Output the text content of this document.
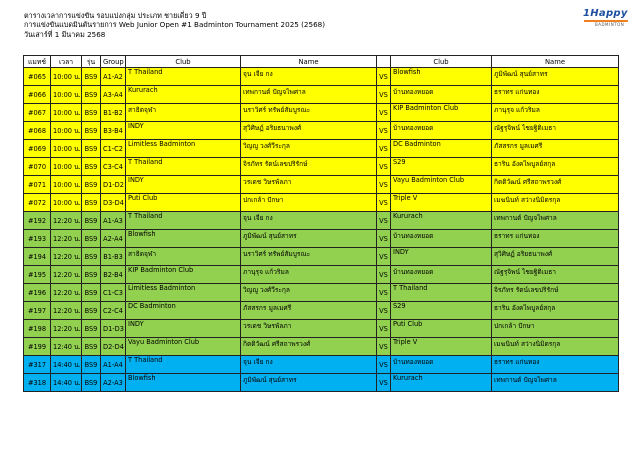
ตารางเวลาการแข่งขัน รอบแบ่งกลุ่ม ประเภท ชายเดี่ยว 9 ปี
การแข่งขันแบดมินตันรายการ Web Junior Open #1 Badminton Tournament 2025 (2568)
วันเสาร์ที่ 1 มีนาคม 2568
1Happy
BADMINTON
แมทช์	เวลา	รุ่น	Group	Club	Name		Club	Name
#065	10:00 น.	BS9	A1-A2	T Thailand	จุน เจีย กง	VS	Blowfish	ภูมิพัฒน์ สุนย์สาทร
#066	10:00 น.	BS9	A3-A4	Kururach	เทพกานต์ ปัญจไพศาล	VS	บ้านทองหยอด	ธราทร แก่นทอง
#067	10:00 น.	BS9	B1-B2	สาธิตจุฬา	นราวิศร์ ทรัพย์สัมบูรณะ	VS	KIP Badminton Club	ภานุรุจ แก้วริมล
#068	10:00 น.	BS9	B3-B4	INDY	สุวิศิษฏ์ อริยธนาพงศ์	VS	บ้านทองหยอด	ณัฐรุจิพน์ ไชยฐิติเมธา
#069	10:00 น.	BS9	C1-C2	Limitless Badminton	วิญญู วงศ์วีระกุล	VS	DC Badminton	ภัสสรกร มูลเมศรี
#070	10:00 น.	BS9	C3-C4	T Thailand	จิรภัทร รัตน์เลขปริรักษ์	VS	S29	ธาริน อังคไพบูลย์สกุล
#071	10:00 น.	BS9	D1-D2	INDY	วรเดช วิษรพัลภา	VS	Vayu Badminton Club	กิตติวัฒน์ ศรีสถาพรวงศ์
#072	10:00 น.	BS9	D3-D4	Puti Club	ปกเกล้า ปักษา	VS	Triple V	เมฆนินท์ สว่างนิมิตรกุล
#192	12:20 น.	BS9	A1-A3	T Thailand	จุน เจีย กง	VS	Kururach	เทพกานต์ ปัญจไพศาล
#193	12:20 น.	BS9	A2-A4	Blowfish	ภูมิพัฒน์ สุนย์สาทร	VS	บ้านทองหยอด	ธราทร แก่นทอง
#194	12:20 น.	BS9	B1-B3	สาธิตจุฬา	นราวิศร์ ทรัพย์สัมบูรณะ	VS	INDY	สุวิศิษฏ์ อริยธนาพงศ์
#195	12:20 น.	BS9	B2-B4	KIP Badminton Club	ภานุรุจ แก้วริมล	VS	บ้านทองหยอด	ณัฐรุจิพน์ ไชยฐิติเมธา
#196	12:20 น.	BS9	C1-C3	Limitless Badminton	วิญญู วงศ์วีระกุล	VS	T Thailand	จิรภัทร รัตน์เลขปริรักษ์
#197	12:20 น.	BS9	C2-C4	DC Badminton	ภัสสรกร มูลเมศรี	VS	S29	ธาริน อังคไพบูลย์สกุล
#198	12:20 น.	BS9	D1-D3	INDY	วรเดช วิษรพัลภา	VS	Puti Club	ปกเกล้า ปักษา
#199	12:40 น.	BS9	D2-D4	Vayu Badminton Club	กิตติวัฒน์ ศรีสถาพรวงศ์	VS	Triple V	เมฆนินท์ สว่างนิมิตรกุล
#317	14:40 น.	BS9	A1-A4	T Thailand	จุน เจีย กง	VS	บ้านทองหยอด	ธราทร แก่นทอง
#318	14:40 น.	BS9	A2-A3	Blowfish	ภูมิพัฒน์ สุนย์สาทร	VS	Kururach	เทพกานต์ ปัญจไพศาล
